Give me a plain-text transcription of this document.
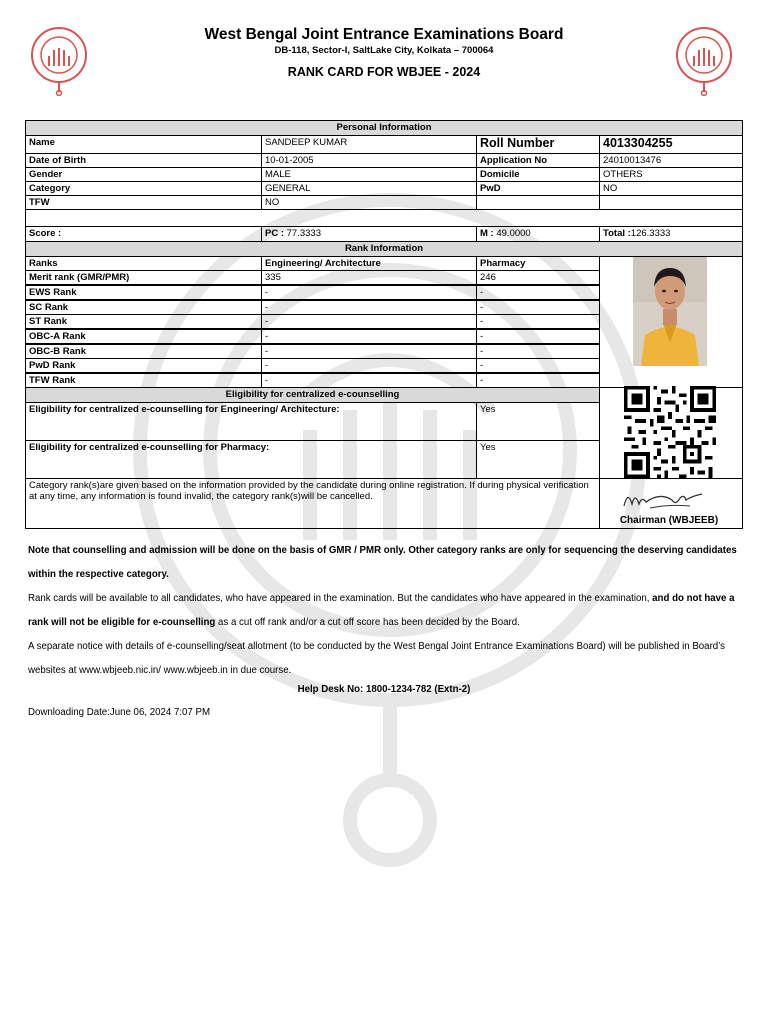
West Bengal Joint Entrance Examinations Board
DB-118, Sector-I, SaltLake City, Kolkata – 700064
RANK CARD FOR WBJEE - 2024
Personal Information
Name	SANDEEP KUMAR	Roll Number	4013304255
Date of Birth	10-01-2005	Application No	24010013476
Gender	MALE	Domicile	OTHERS
Category	GENERAL	PwD	NO
TFW	NO
Score :	PC : 77.3333	M : 49.0000	Total :126.3333
Rank Information
Ranks	Engineering/ Architecture	Pharmacy
Merit rank (GMR/PMR)	335	246
EWS Rank	-	-
SC Rank	-	-
ST Rank	-	-
OBC-A Rank	-	-
OBC-B Rank	-	-
PwD Rank	-	-
TFW Rank	-	-
Eligibility for centralized e-counselling
Eligibility for centralized e-counselling for Engineering/ Architecture:	Yes
Eligibility for centralized e-counselling for Pharmacy:	Yes
Category rank(s)are given based on the information provided by the candidate during online registration. If during physical verification at any time, any information is found invalid, the category rank(s)will be cancelled.
Chairman (WBJEEB)
Note that counselling and admission will be done on the basis of GMR / PMR only. Other category ranks are only for sequencing the deserving candidates within the respective category.
Rank cards will be available to all candidates, who have appeared in the examination. But the candidates who have appeared in the examination, and do not have a rank will not be eligible for e-counselling as a cut off rank and/or a cut off score has been decided by the Board.
A separate notice with details of e-counselling/seat allotment (to be conducted by the West Bengal Joint Entrance Examinations Board) will be published in Board’s websites at www.wbjeeb.nic.in/ www.wbjeeb.in in due course.
Help Desk No: 1800-1234-782 (Extn-2)
Downloading Date:June 06, 2024 7:07 PM
